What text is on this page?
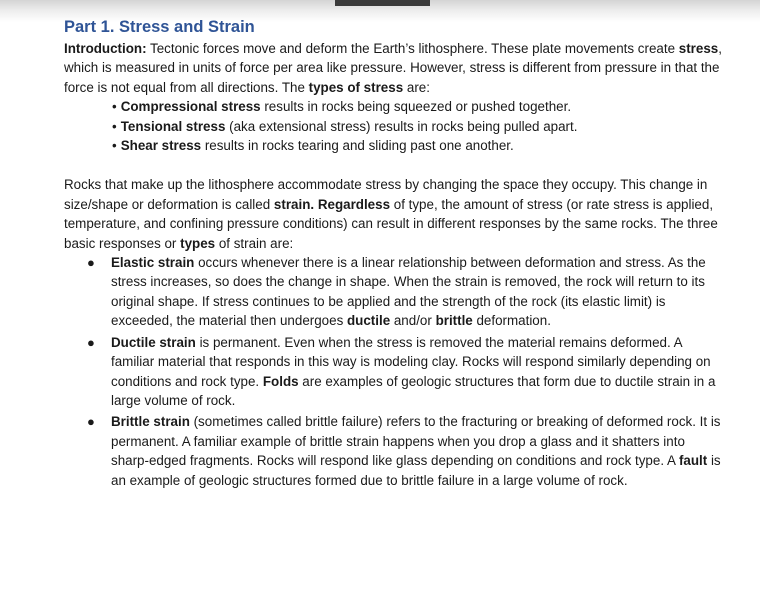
Part 1. Stress and Strain

Introduction: Tectonic forces move and deform the Earth’s lithosphere. These plate movements create stress, which is measured in units of force per area like pressure. However, stress is different from pressure in that the force is not equal from all directions. The types of stress are:

• Compressional stress results in rocks being squeezed or pushed together.
• Tensional stress (aka extensional stress) results in rocks being pulled apart.
• Shear stress results in rocks tearing and sliding past one another.

Rocks that make up the lithosphere accommodate stress by changing the space they occupy. This change in size/shape or deformation is called strain. Regardless of type, the amount of stress (or rate stress is applied, temperature, and confining pressure conditions) can result in different responses by the same rocks. The three basic responses or types of strain are:

● Elastic strain occurs whenever there is a linear relationship between deformation and stress. As the stress increases, so does the change in shape. When the strain is removed, the rock will return to its original shape. If stress continues to be applied and the strength of the rock (its elastic limit) is exceeded, the material then undergoes ductile and/or brittle deformation.
● Ductile strain is permanent. Even when the stress is removed the material remains deformed. A familiar material that responds in this way is modeling clay. Rocks will respond similarly depending on conditions and rock type. Folds are examples of geologic structures that form due to ductile strain in a large volume of rock.
● Brittle strain (sometimes called brittle failure) refers to the fracturing or breaking of deformed rock. It is permanent. A familiar example of brittle strain happens when you drop a glass and it shatters into sharp-edged fragments. Rocks will respond like glass depending on conditions and rock type. A fault is an example of geologic structures formed due to brittle failure in a large volume of rock.
